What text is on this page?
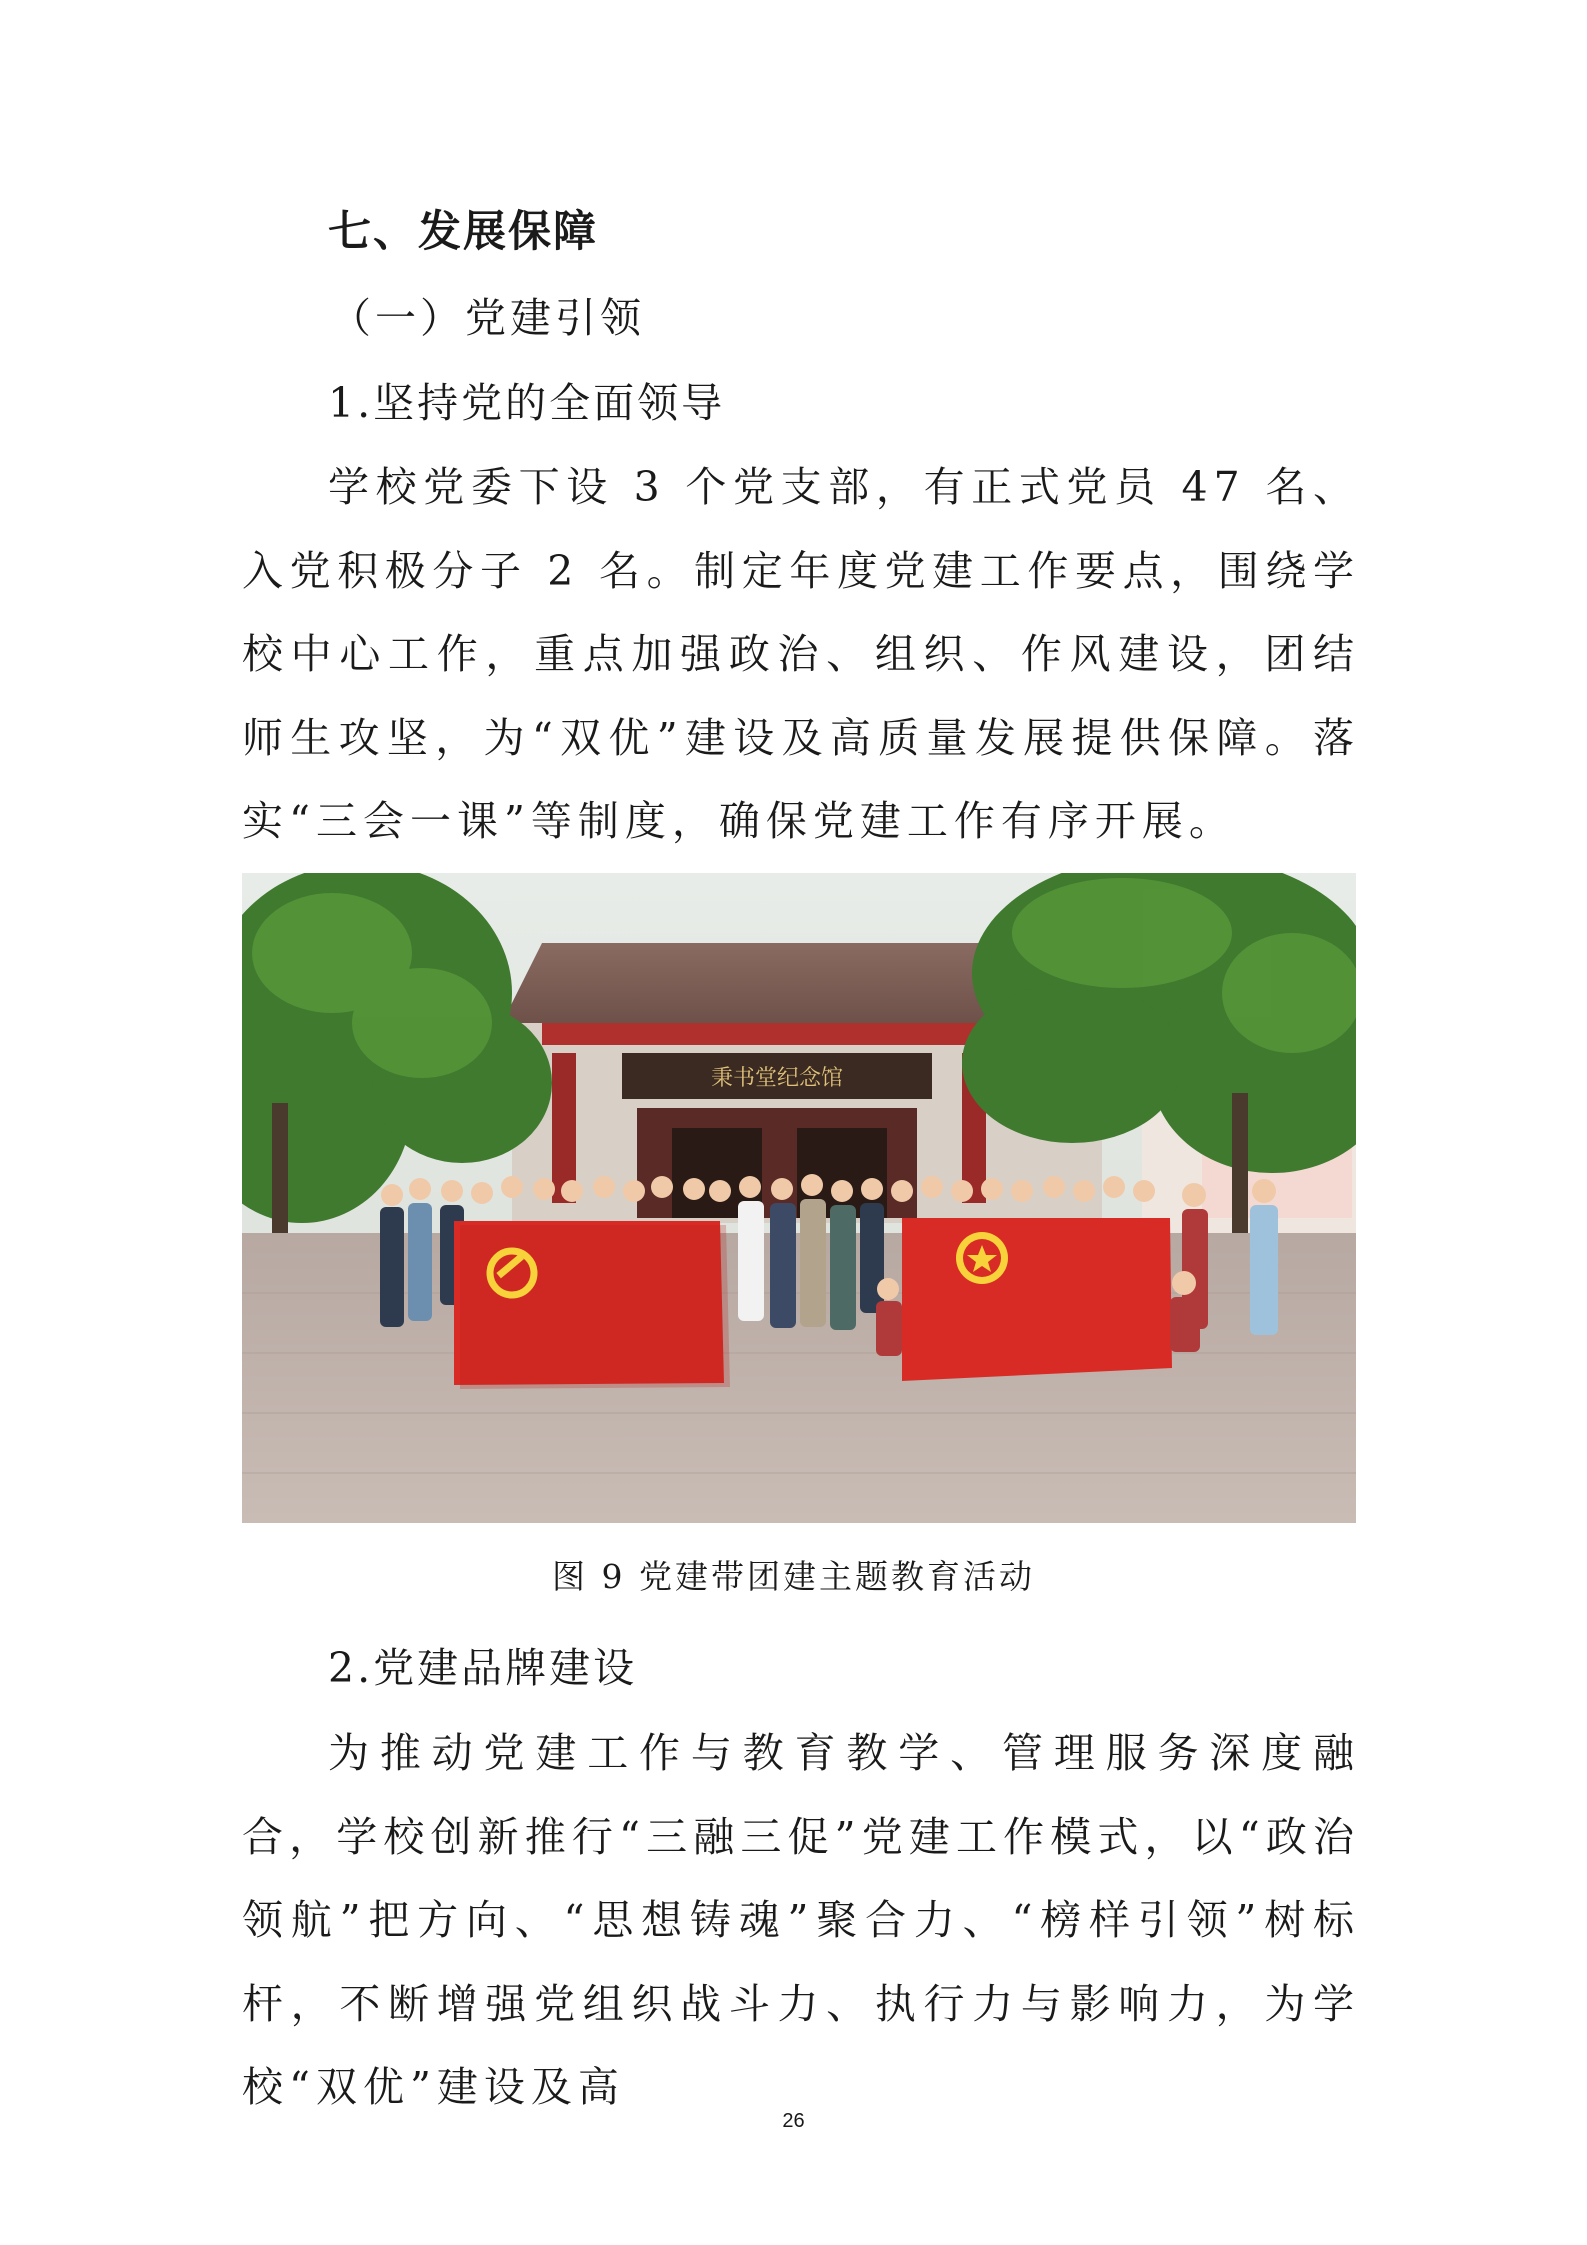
七、发展保障
（一）党建引领
1.坚持党的全面领导

学校党委下设 3 个党支部，有正式党员 47 名、入党积极分子 2 名。制定年度党建工作要点，围绕学校中心工作，重点加强政治、组织、作风建设，团结师生攻坚，为“双优”建设及高质量发展提供保障。落实“三会一课”等制度，确保党建工作有序开展。

秉书堂纪念馆
图 9 党建带团建主题教育活动
2.党建品牌建设

为推动党建工作与教育教学、管理服务深度融合，学校创新推行“三融三促”党建工作模式，以“政治领航”把方向、“思想铸魂”聚合力、“榜样引领”树标杆，不断增强党组织战斗力、执行力与影响力，为学校“双优”建设及高

26
